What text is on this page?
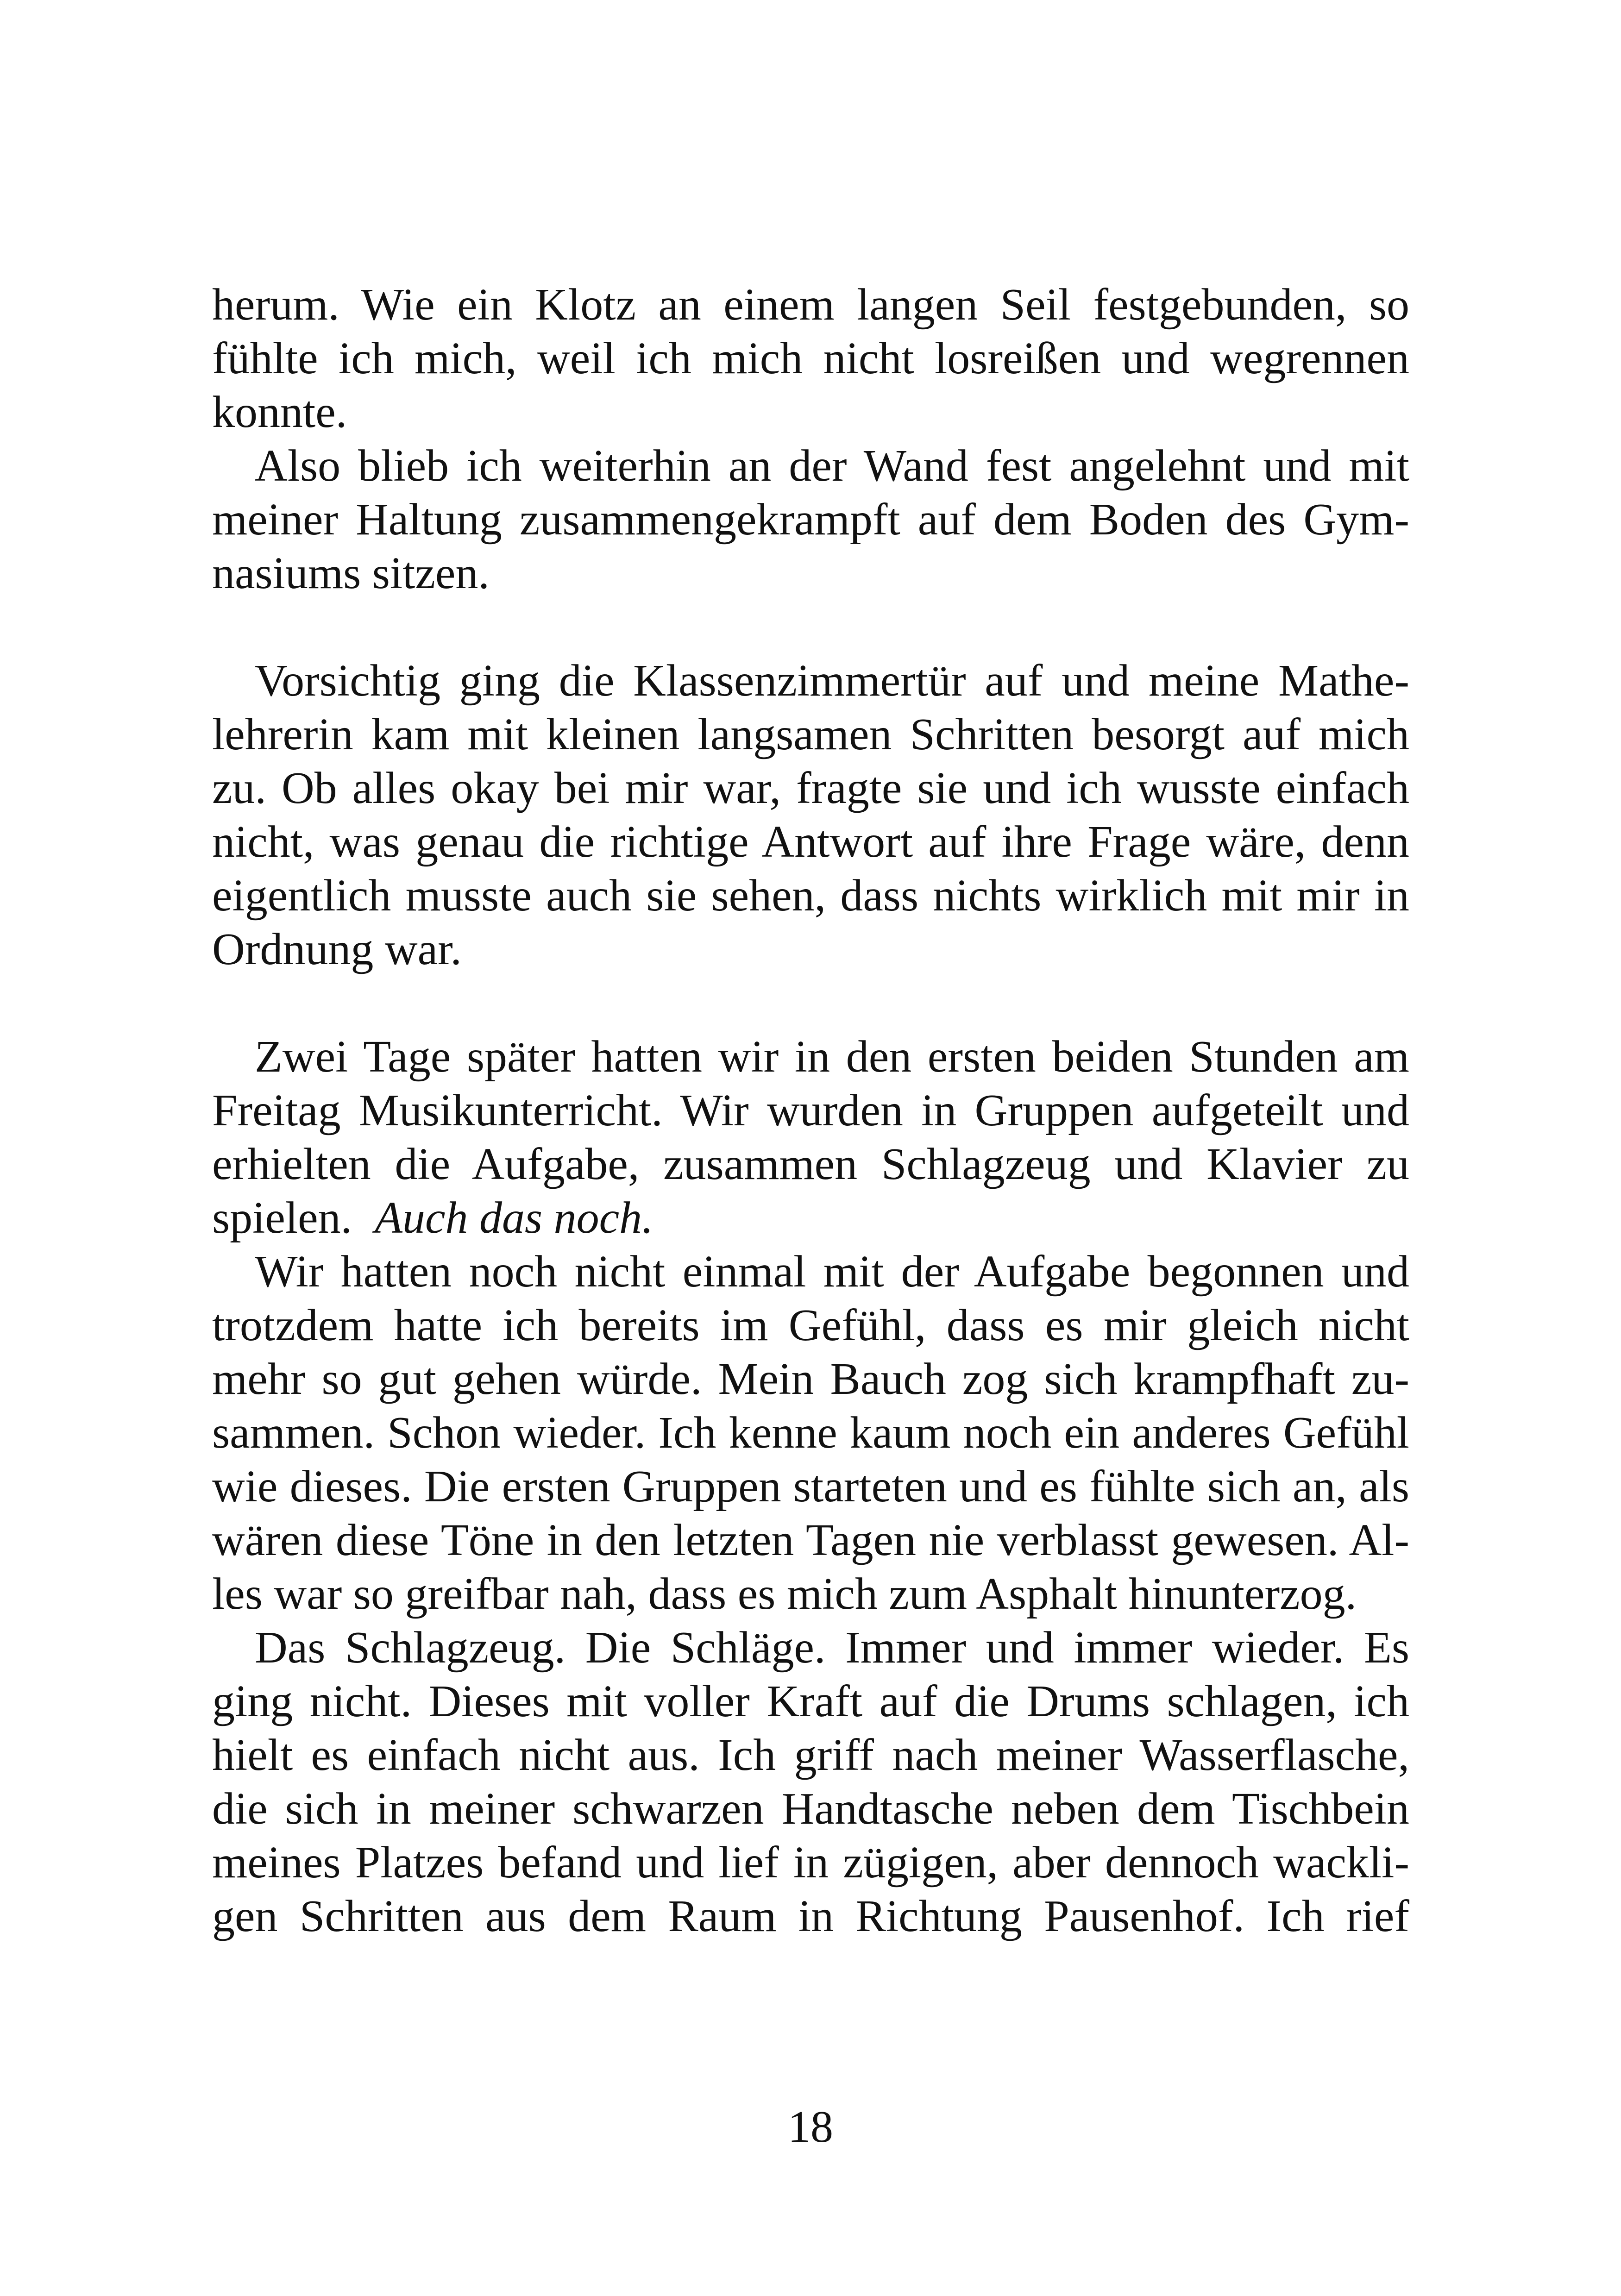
herum. Wie ein Klotz an einem langen Seil festgebunden, so
fühlte ich mich, weil ich mich nicht losreißen und wegrennen
konnte.
Also blieb ich weiterhin an der Wand fest angelehnt und mit
meiner Haltung zusammengekrampft auf dem Boden des Gym-
nasiums sitzen.
Vorsichtig ging die Klassenzimmertür auf und meine Mathe-
lehrerin kam mit kleinen langsamen Schritten besorgt auf mich
zu. Ob alles okay bei mir war, fragte sie und ich wusste einfach
nicht, was genau die richtige Antwort auf ihre Frage wäre, denn
eigentlich musste auch sie sehen, dass nichts wirklich mit mir in
Ordnung war.
Zwei Tage später hatten wir in den ersten beiden Stunden am
Freitag Musikunterricht. Wir wurden in Gruppen aufgeteilt und
erhielten die Aufgabe, zusammen Schlagzeug und Klavier zu
spielen. Auch das noch.
Wir hatten noch nicht einmal mit der Aufgabe begonnen und
trotzdem hatte ich bereits im Gefühl, dass es mir gleich nicht
mehr so gut gehen würde. Mein Bauch zog sich krampfhaft zu-
sammen. Schon wieder. Ich kenne kaum noch ein anderes Gefühl
wie dieses. Die ersten Gruppen starteten und es fühlte sich an, als
wären diese Töne in den letzten Tagen nie verblasst gewesen. Al-
les war so greifbar nah, dass es mich zum Asphalt hinunterzog.
Das Schlagzeug. Die Schläge. Immer und immer wieder. Es
ging nicht. Dieses mit voller Kraft auf die Drums schlagen, ich
hielt es einfach nicht aus. Ich griff nach meiner Wasserflasche,
die sich in meiner schwarzen Handtasche neben dem Tischbein
meines Platzes befand und lief in zügigen, aber dennoch wackli-
gen Schritten aus dem Raum in Richtung Pausenhof. Ich rief
18
